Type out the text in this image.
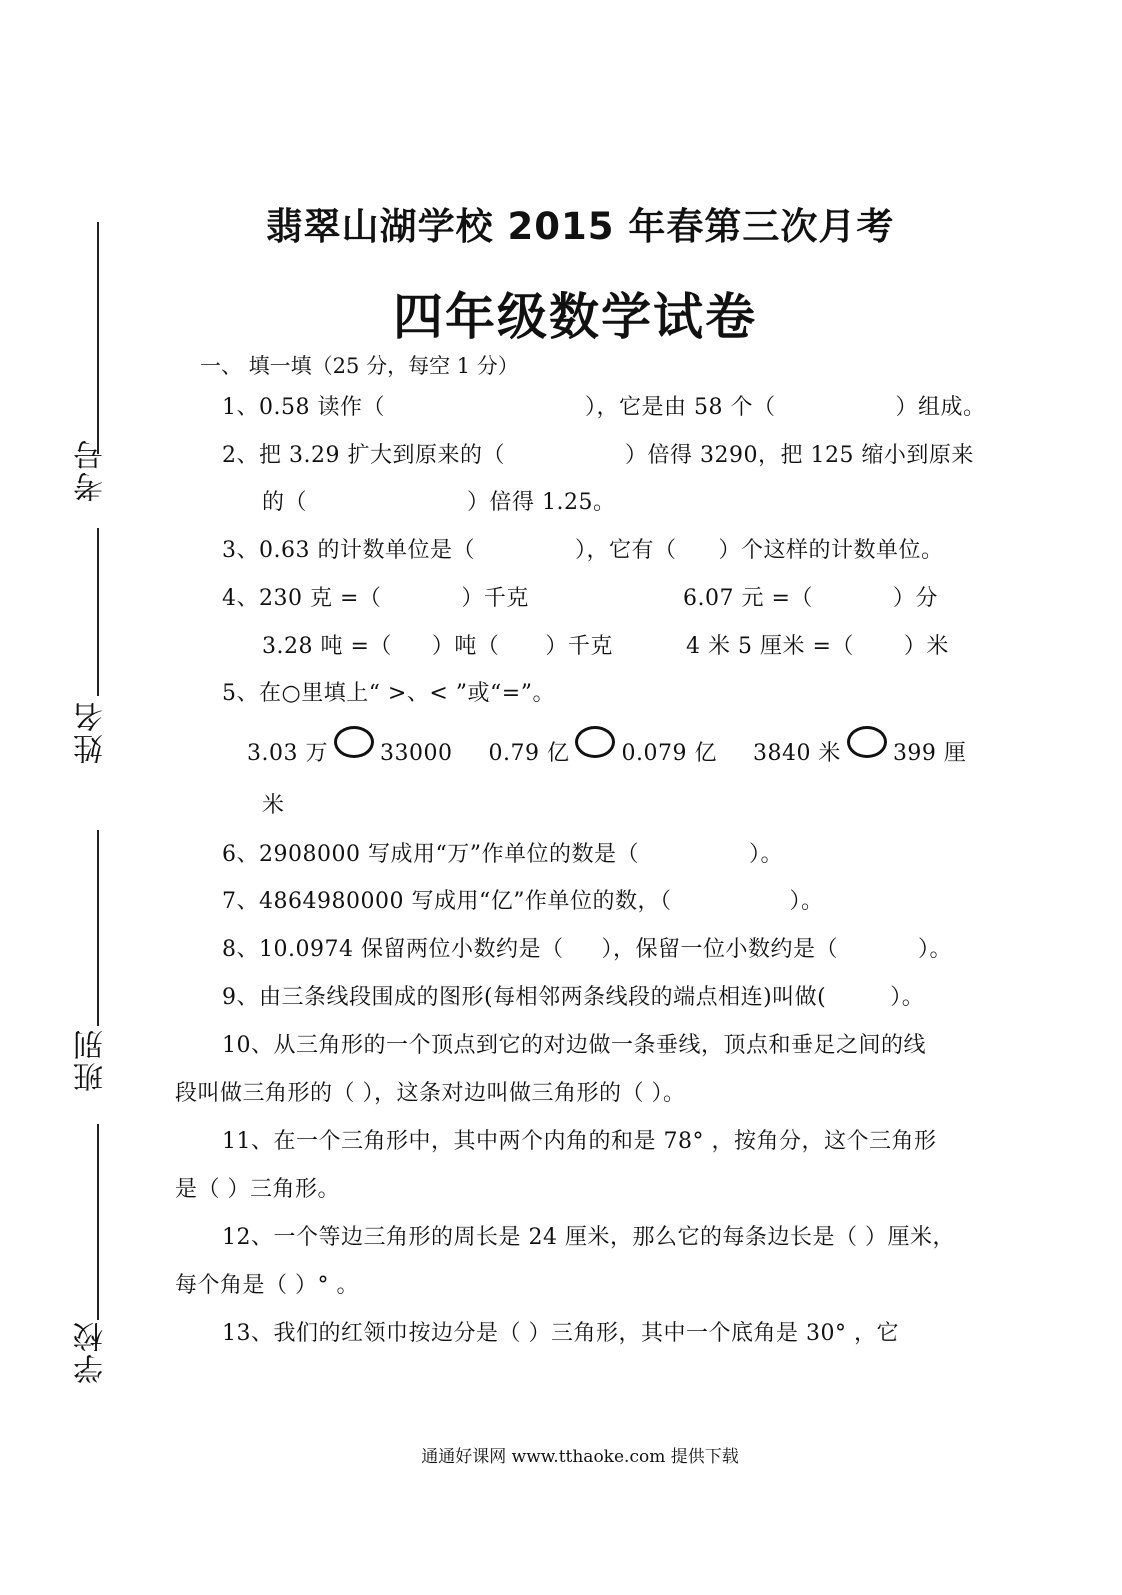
考号
姓名
班别
学校
翡翠山湖学校 2015 年春第三次月考
四年级数学试卷
一、 填一填（25 分，每空 1 分）
1、0.58 读作（	），它是由 58 个（	）组成。
2、把 3.29 扩大到原来的（	）倍得 3290，把 125 缩小到原来
的（	）倍得 1.25。
3、0.63 的计数单位是（	），它有（ ）个这样的计数单位。
4、230 克 =（	）千克	6.07 元 =（	）分
3.28 吨 =（ ）吨（ ）千克	4 米 5 厘米 =（ ）米
5、在○里填上“ >、< ”或“=”。
3.03 万 33000 0.79 亿 0.079 亿 3840 米 399 厘
米
6、2908000 写成用“万”作单位的数是（	）。
7、4864980000 写成用“亿”作单位的数，（	）。
8、10.0974 保留两位小数约是（ ），保留一位小数约是（	）。
9、由三条线段围成的图形(每相邻两条线段的端点相连)叫做(	）。
10、从三角形的一个顶点到它的对边做一条垂线，顶点和垂足之间的线
段叫做三角形的（ ），这条对边叫做三角形的（ ）。
11、在一个三角形中，其中两个内角的和是 78° ，按角分，这个三角形
是（ ）三角形。
12、一个等边三角形的周长是 24 厘米，那么它的每条边长是（ ）厘米，
每个角是（ ）° 。
13、我们的红领巾按边分是（ ）三角形，其中一个底角是 30° ，它
通通好课网 www.tthaoke.com 提供下载
